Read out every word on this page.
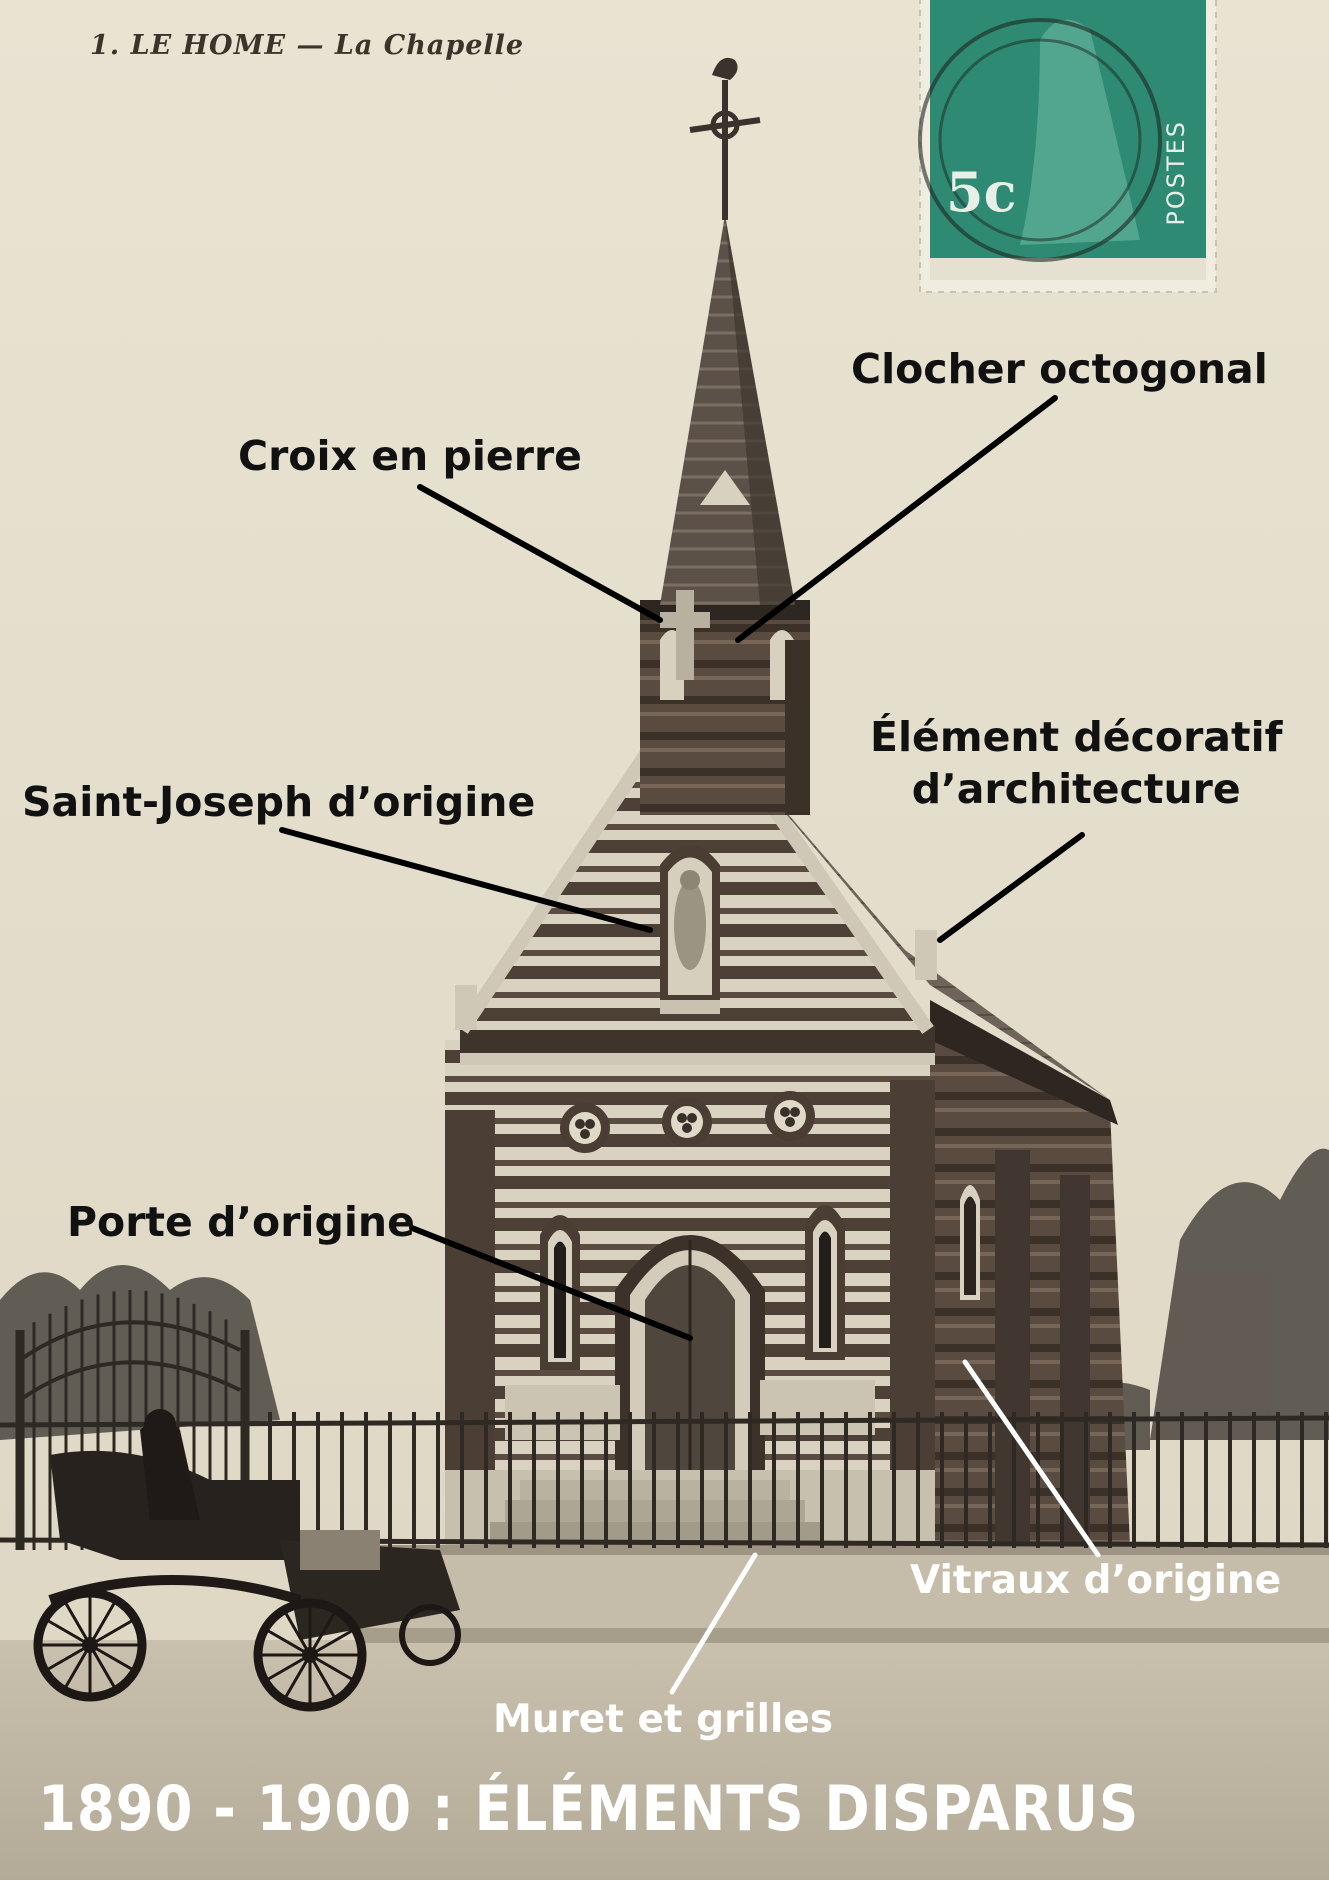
1. LE HOME — La Chapelle
5c	POSTES
Clocher octogonal
Croix en pierre
Élément décoratif
d’architecture
Saint-Joseph d’origine
Porte d’origine
Vitraux d’origine
Muret et grilles
1890 - 1900 : ÉLÉMENTS DISPARUS
